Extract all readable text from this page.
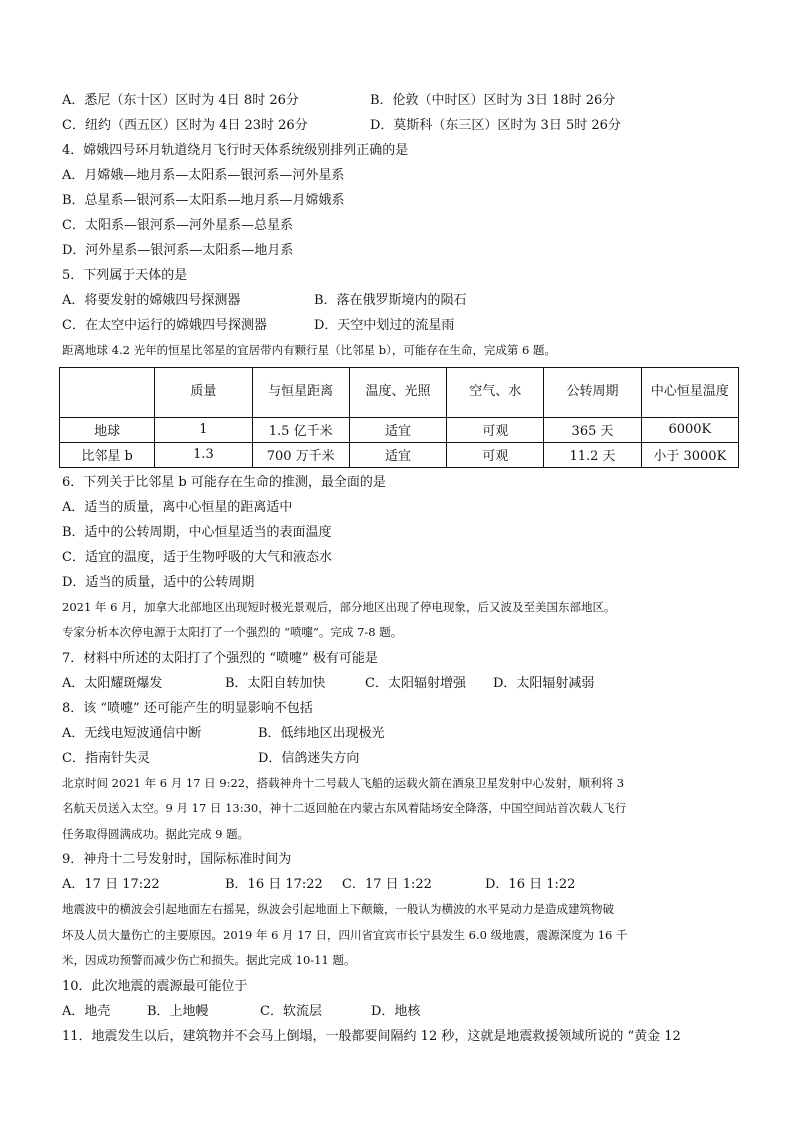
A．悉尼（东十区）区时为 4日 8时 26分	B．伦敦（中时区）区时为 3日 18时 26分
C．纽约（西五区）区时为 4日 23时 26分	D．莫斯科（东三区）区时为 3日 5时 26分
4．嫦娥四号环月轨道绕月飞行时天体系统级别排列正确的是
A．月嫦娥—地月系—太阳系—银河系—河外星系
B．总星系—银河系—太阳系—地月系—月嫦娥系
C．太阳系—银河系—河外星系—总星系
D．河外星系—银河系—太阳系—地月系
5．下列属于天体的是
A．将要发射的嫦娥四号探测器	B．落在俄罗斯境内的陨石
C．在太空中运行的嫦娥四号探测器	D．天空中划过的流星雨
距离地球 4.2 光年的恒星比邻星的宜居带内有颗行星（比邻星 b），可能存在生命，完成第 6 题。
	质量	与恒星距离	温度、光照	空气、水	公转周期	中心恒星温度
地球	1	1.5 亿千米	适宜	可观	365 天	6000K
比邻星 b	1.3	700 万千米	适宜	可观	11.2 天	小于 3000K
6．下列关于比邻星 b 可能存在生命的推测，最全面的是
A．适当的质量，离中心恒星的距离适中
B．适中的公转周期，中心恒星适当的表面温度
C．适宜的温度，适于生物呼吸的大气和液态水
D．适当的质量，适中的公转周期
2021 年 6 月，加拿大北部地区出现短时极光景观后，部分地区出现了停电现象，后又波及至美国东部地区。
专家分析本次停电源于太阳打了一个强烈的 “喷嚏”。完成 7-8 题。
7．材料中所述的太阳打了个强烈的 “喷嚏” 极有可能是
A．太阳耀斑爆发	B．太阳自转加快	C．太阳辐射增强	D．太阳辐射减弱
8．该 “喷嚏” 还可能产生的明显影响不包括
A．无线电短波通信中断	B．低纬地区出现极光
C．指南针失灵	D．信鸽迷失方向
北京时间 2021 年 6 月 17 日 9:22，搭载神舟十二号载人飞船的运载火箭在酒泉卫星发射中心发射，顺利将 3
名航天员送入太空。9 月 17 日 13:30，神十二返回舱在内蒙古东风着陆场安全降落，中国空间站首次载人飞行
任务取得圆满成功。据此完成 9 题。
9．神舟十二号发射时，国际标准时间为
A．17 日 17:22	B．16 日 17:22	C．17 日 1:22	D．16 日 1:22
地震波中的横波会引起地面左右摇晃，纵波会引起地面上下颠簸，一般认为横波的水平晃动力是造成建筑物破
坏及人员大量伤亡的主要原因。2019 年 6 月 17 日，四川省宜宾市长宁县发生 6.0 级地震，震源深度为 16 千
米，因成功预警而减少伤亡和损失。据此完成 10-11 题。
10．此次地震的震源最可能位于
A．地壳	B．上地幔	C．软流层	D．地核
11．地震发生以后，建筑物并不会马上倒塌，一般都要间隔约 12 秒，这就是地震救援领域所说的 “黄金 12
